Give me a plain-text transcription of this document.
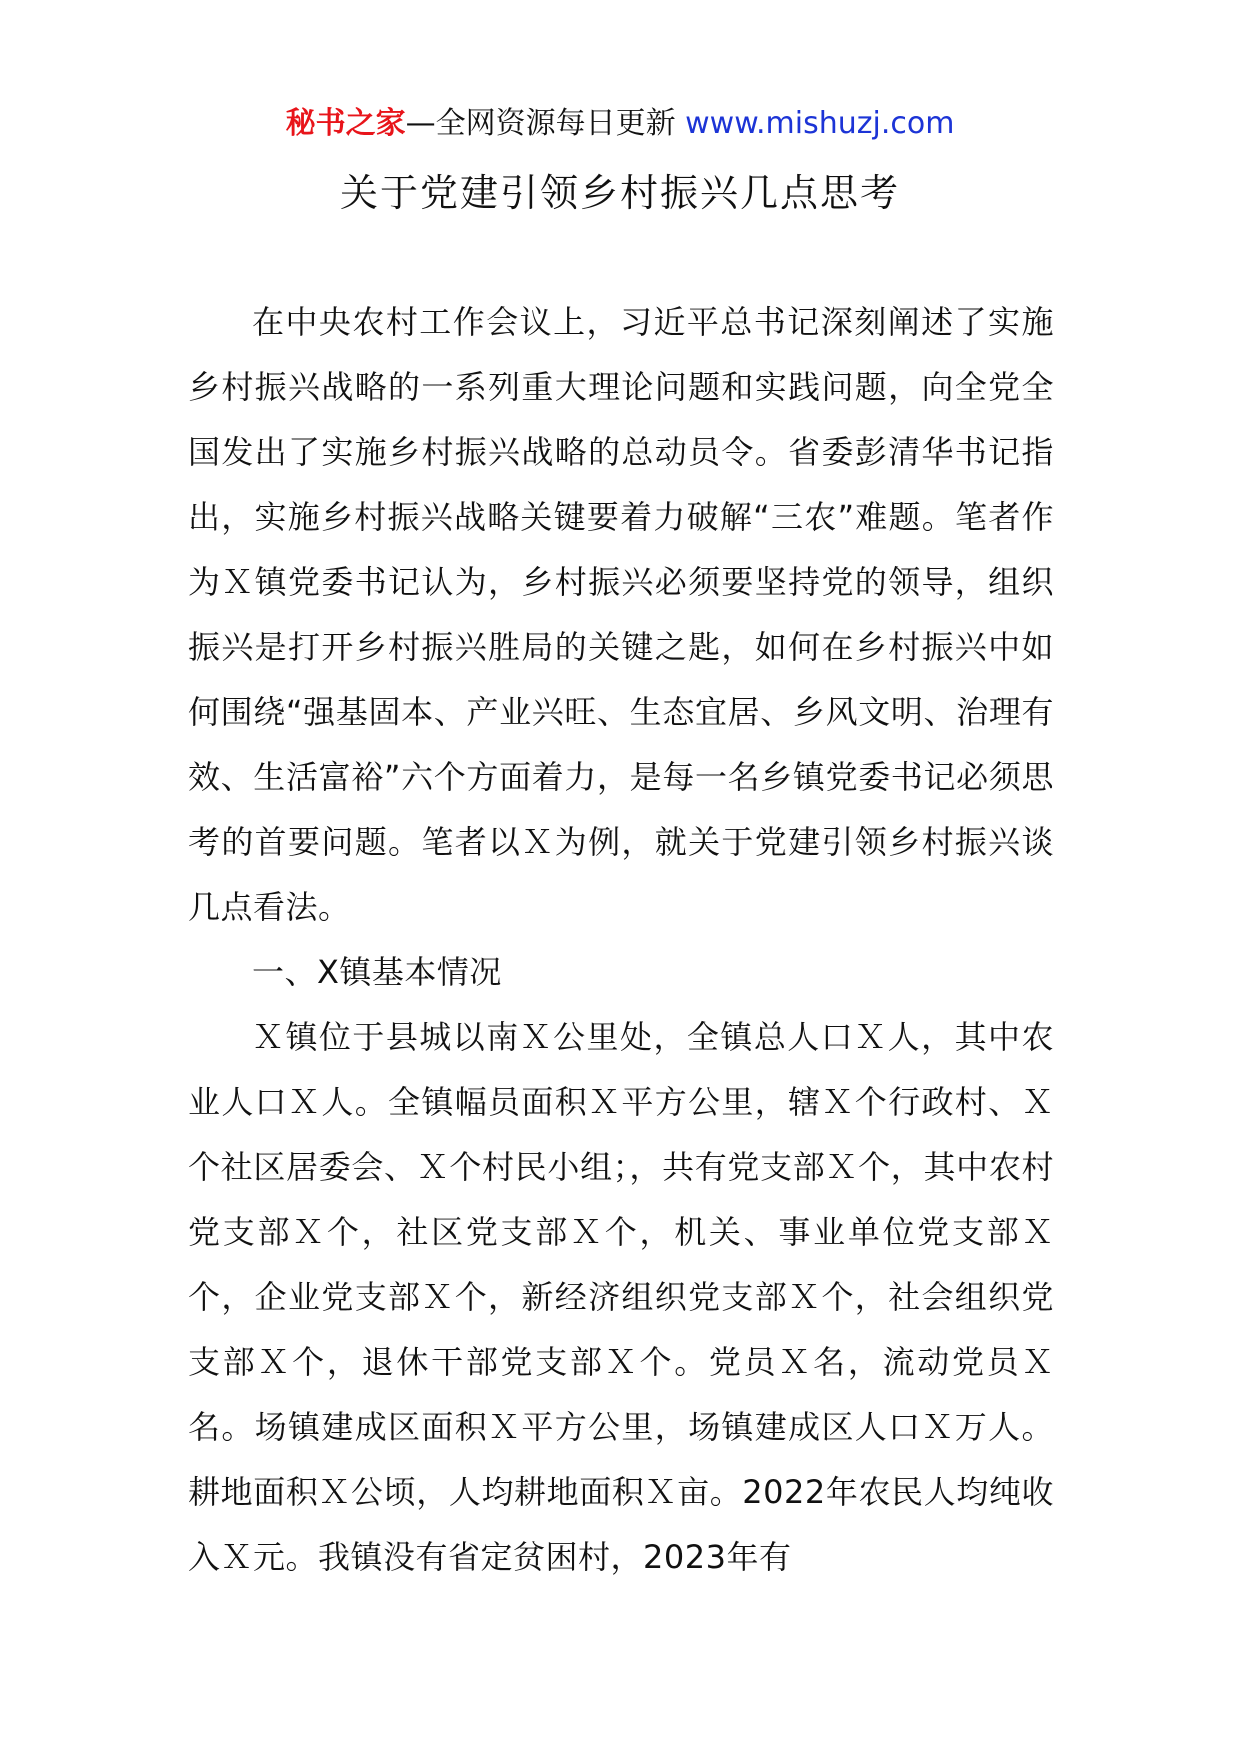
秘书之家—全网资源每日更新 www.mishuzj.com
关于党建引领乡村振兴几点思考

在中央农村工作会议上，习近平总书记深刻阐述了实施乡村振兴战略的一系列重大理论问题和实践问题，向全党全国发出了实施乡村振兴战略的总动员令。省委彭清华书记指出，实施乡村振兴战略关键要着力破解“三农”难题。笔者作为Ｘ镇党委书记认为，乡村振兴必须要坚持党的领导，组织振兴是打开乡村振兴胜局的关键之匙，如何在乡村振兴中如何围绕“强基固本、产业兴旺、生态宜居、乡风文明、治理有效、生活富裕”六个方面着力，是每一名乡镇党委书记必须思考的首要问题。笔者以Ｘ为例，就关于党建引领乡村振兴谈几点看法。

一、X镇基本情况

Ｘ镇位于县城以南Ｘ公里处，全镇总人口Ｘ人，其中农业人口Ｘ人。全镇幅员面积Ｘ平方公里，辖Ｘ个行政村、Ｘ个社区居委会、Ｘ个村民小组；，共有党支部Ｘ个，其中农村党支部Ｘ个，社区党支部Ｘ个，机关、事业单位党支部Ｘ个，企业党支部Ｘ个，新经济组织党支部Ｘ个，社会组织党支部Ｘ个，退休干部党支部Ｘ个。党员Ｘ名，流动党员Ｘ名。场镇建成区面积Ｘ平方公里，场镇建成区人口Ｘ万人。耕地面积Ｘ公顷，人均耕地面积Ｘ亩。2022年农民人均纯收入Ｘ元。我镇没有省定贫困村，2023年有
